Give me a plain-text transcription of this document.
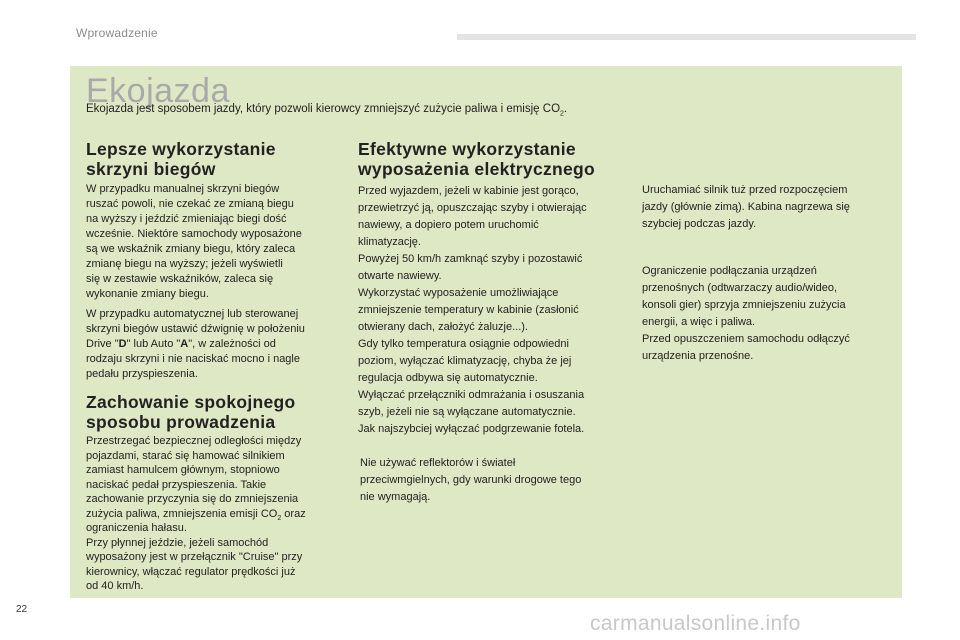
Wprowadzenie
Ekojazda
Ekojazda jest sposobem jazdy, który pozwoli kierowcy zmniejszyć zużycie paliwa i emisję $CO_2$.
Lepsze wykorzystanie
skrzyni biegów
W przypadku manualnej skrzyni biegów
ruszać powoli, nie czekać ze zmianą biegu
na wyższy i jeździć zmieniając biegi dość
wcześnie. Niektóre samochody wyposażone
są we wskaźnik zmiany biegu, który zaleca
zmianę biegu na wyższy; jeżeli wyświetli
się w zestawie wskaźników, zaleca się
wykonanie zmiany biegu.
W przypadku automatycznej lub sterowanej
skrzyni biegów ustawić dźwignię w położeniu
Drive "D" lub Auto "A", w zależności od
rodzaju skrzyni i nie naciskać mocno i nagle
pedału przyspieszenia.
Zachowanie spokojnego
sposobu prowadzenia
Przestrzegać bezpiecznej odległości między
pojazdami, starać się hamować silnikiem
zamiast hamulcem głównym, stopniowo
naciskać pedał przyspieszenia. Takie
zachowanie przyczynia się do zmniejszenia
zużycia paliwa, zmniejszenia emisji $CO_2$ oraz
ograniczenia hałasu.
Przy płynnej jeździe, jeżeli samochód
wyposażony jest w przełącznik "Cruise" przy
kierownicy, włączać regulator prędkości już
od 40 km/h.
Efektywne wykorzystanie
wyposażenia elektrycznego
Przed wyjazdem, jeżeli w kabinie jest gorąco,
przewietrzyć ją, opuszczając szyby i otwierając
nawiewy, a dopiero potem uruchomić
klimatyzację.
Powyżej 50 km/h zamknąć szyby i pozostawić
otwarte nawiewy.
Wykorzystać wyposażenie umożliwiające
zmniejszenie temperatury w kabinie (zasłonić
otwierany dach, założyć żaluzje...).
Gdy tylko temperatura osiągnie odpowiedni
poziom, wyłączać klimatyzację, chyba że jej
regulacja odbywa się automatycznie.
Wyłączać przełączniki odmrażania i osuszania
szyb, jeżeli nie są wyłączane automatycznie.
Jak najszybciej wyłączać podgrzewanie fotela.
Nie używać reflektorów i świateł
przeciwmgielnych, gdy warunki drogowe tego
nie wymagają.
Uruchamiać silnik tuż przed rozpoczęciem
jazdy (głównie zimą). Kabina nagrzewa się
szybciej podczas jazdy.
Ograniczenie podłączania urządzeń
przenośnych (odtwarzaczy audio/wideo,
konsoli gier) sprzyja zmniejszeniu zużycia
energii, a więc i paliwa.
Przed opuszczeniem samochodu odłączyć
urządzenia przenośne.
22
carmanualsonline.info
